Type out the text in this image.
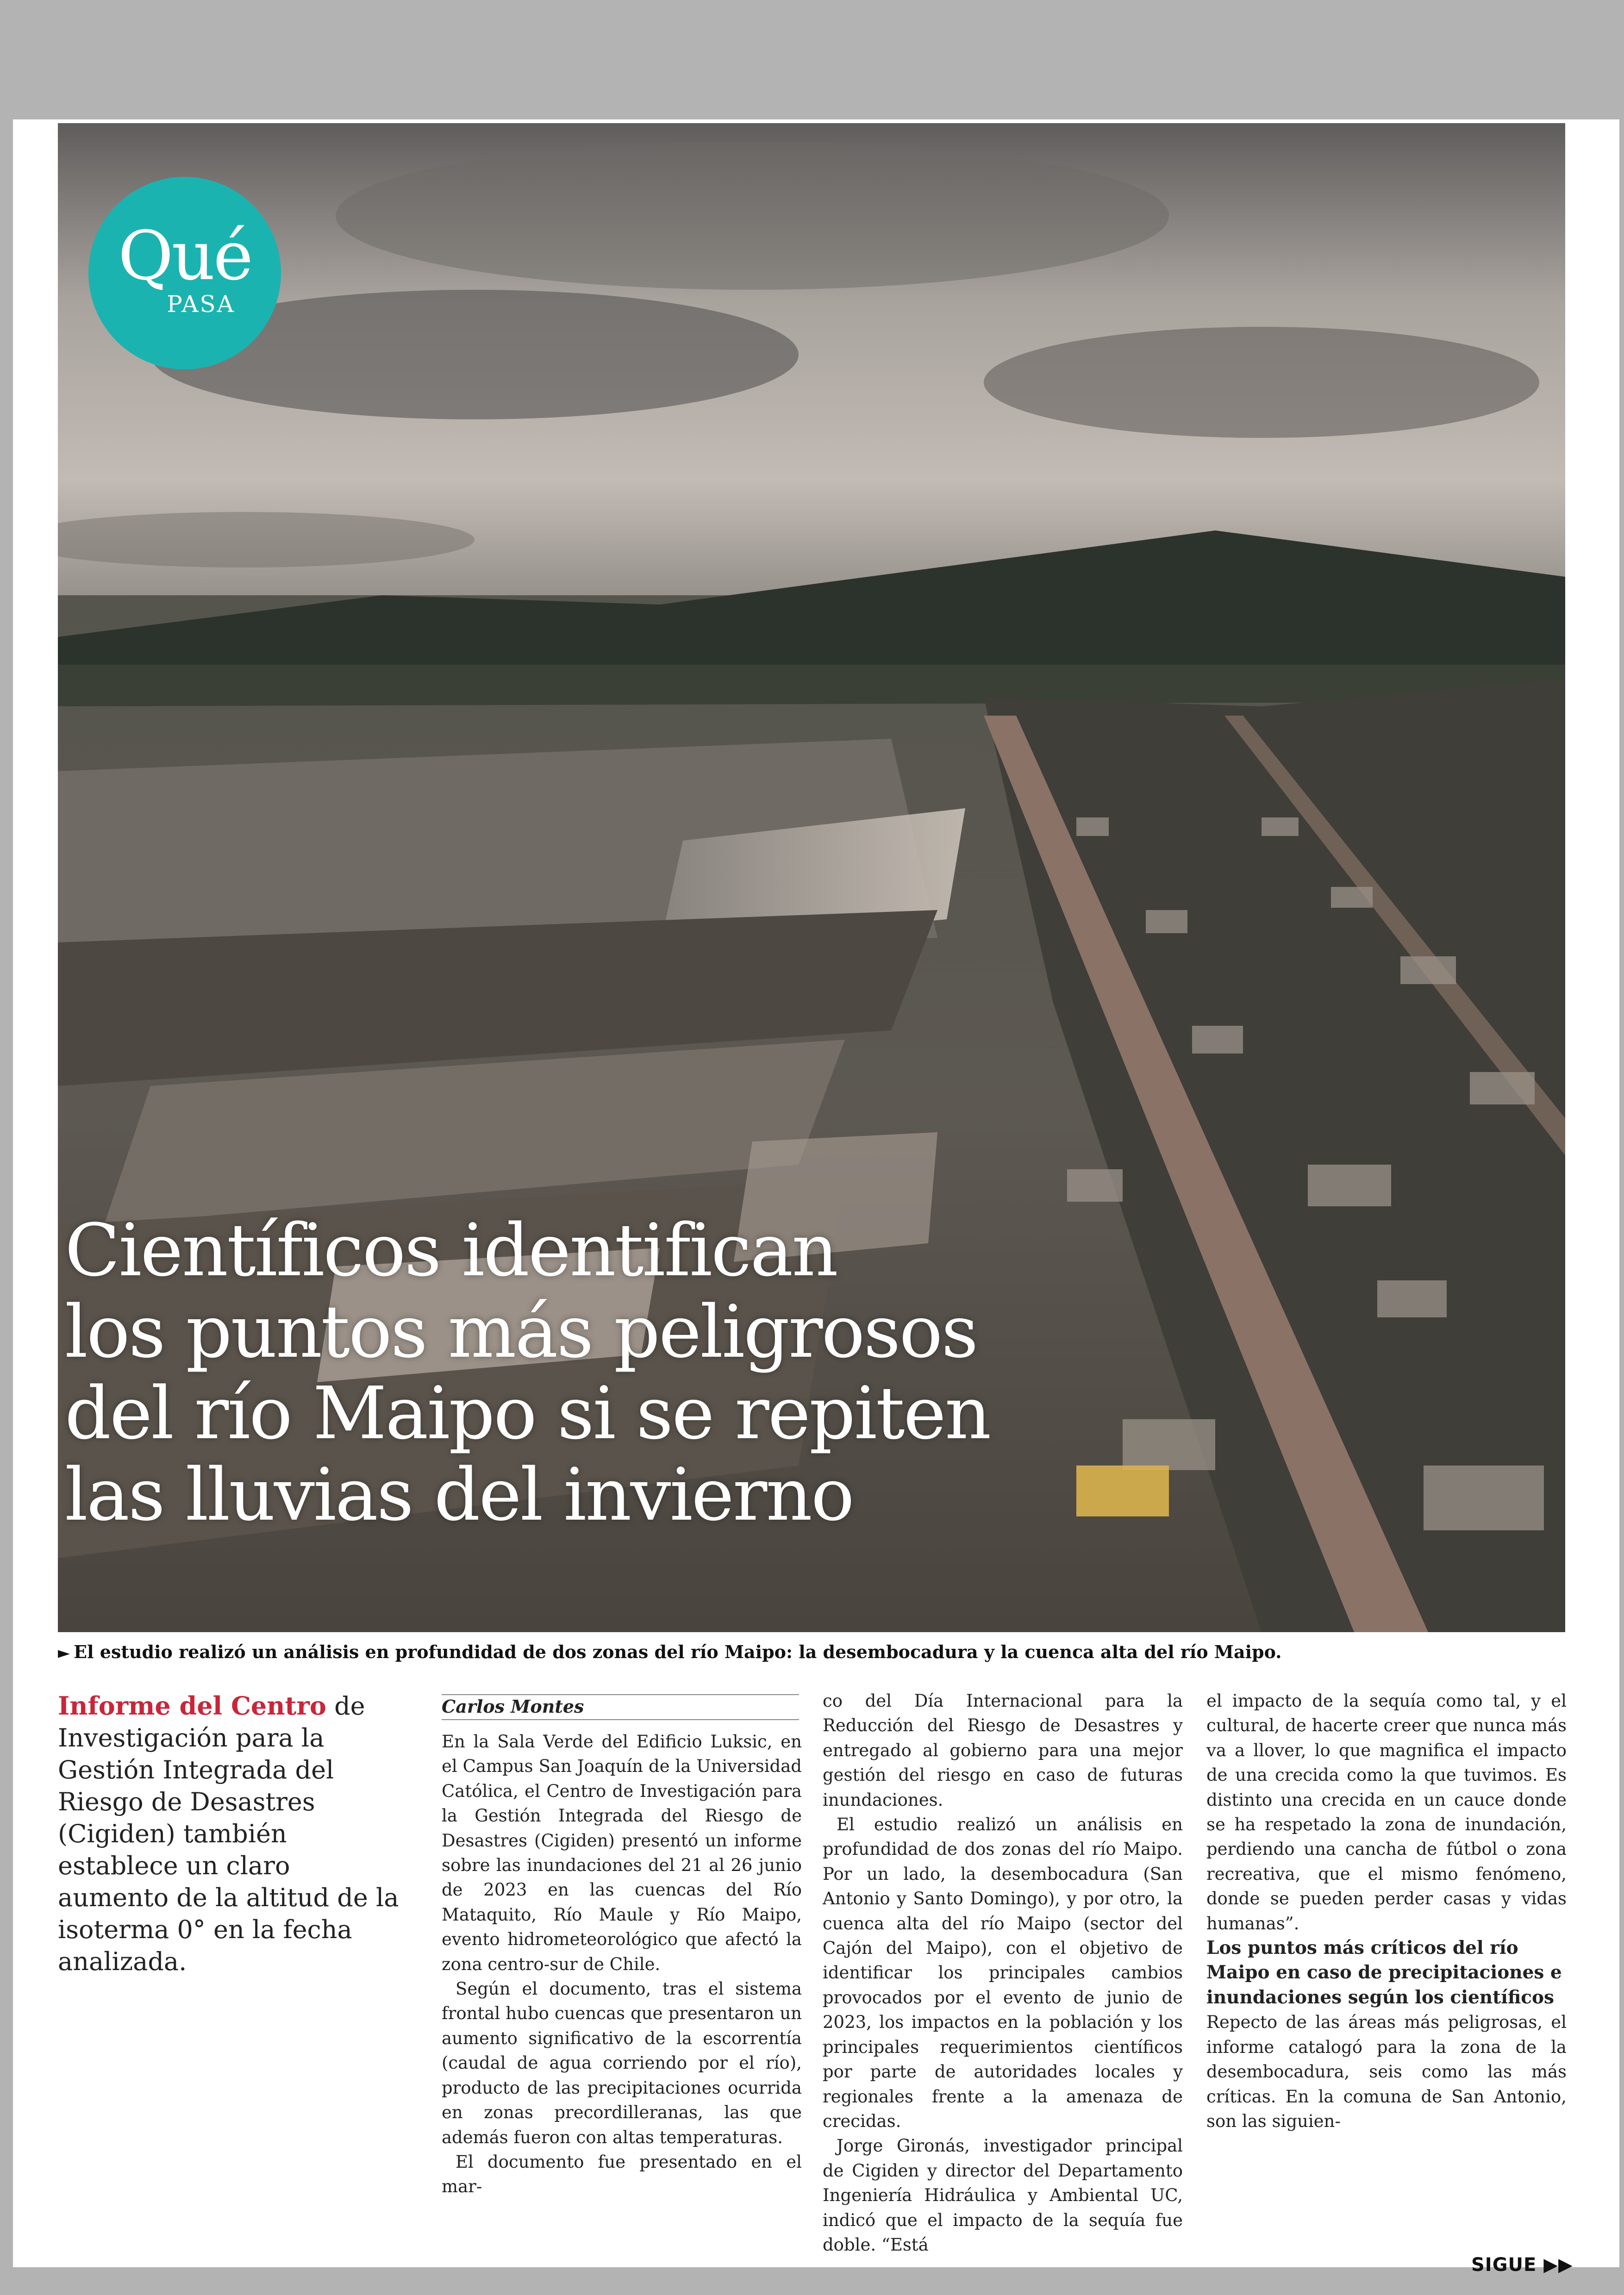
Qué
PASA
Científicos identifican
los puntos más peligrosos
del río Maipo si se repiten
las lluvias del invierno
► El estudio realizó un análisis en profundidad de dos zonas del río Maipo: la desembocadura y la cuenca alta del río Maipo.
Informe del Centro de Investigación para la Gestión Integrada del Riesgo de Desastres (Cigiden) también establece un claro aumento de la altitud de la isoterma 0° en la fecha analizada.
Carlos Montes

En la Sala Verde del Edificio Luksic, en el Campus San Joaquín de la Universidad Católica, el Centro de Investigación para la Gestión Integrada del Riesgo de Desastres (Cigiden) presentó un informe sobre las inundaciones del 21 al 26 junio de 2023 en las cuencas del Río Mataquito, Río Maule y Río Maipo, evento hidrometeorológico que afectó la zona centro-sur de Chile.

Según el documento, tras el sistema frontal hubo cuencas que presentaron un aumento significativo de la escorrentía (caudal de agua corriendo por el río), producto de las precipitaciones ocurrida en zonas precordilleranas, las que además fueron con altas temperaturas.

El documento fue presentado en el mar-

co del Día Internacional para la Reducción del Riesgo de Desastres y entregado al gobierno para una mejor gestión del riesgo en caso de futuras inundaciones.

El estudio realizó un análisis en profundidad de dos zonas del río Maipo. Por un lado, la desembocadura (San Antonio y Santo Domingo), y por otro, la cuenca alta del río Maipo (sector del Cajón del Maipo), con el objetivo de identificar los principales cambios provocados por el evento de junio de 2023, los impactos en la población y los principales requerimientos científicos por parte de autoridades locales y regionales frente a la amenaza de crecidas.

Jorge Gironás, investigador principal de Cigiden y director del Departamento Ingeniería Hidráulica y Ambiental UC, indicó que el impacto de la sequía fue doble. “Está

el impacto de la sequía como tal, y el cultural, de hacerte creer que nunca más va a llover, lo que magnifica el impacto de una crecida como la que tuvimos. Es distinto una crecida en un cauce donde se ha respetado la zona de inundación, perdiendo una cancha de fútbol o zona recreativa, que el mismo fenómeno, donde se pueden perder casas y vidas humanas”.

Los puntos más críticos del río Maipo en caso de precipitaciones e inundaciones según los científicos

Repecto de las áreas más peligrosas, el informe catalogó para la zona de la desembocadura, seis como las más críticas. En la comuna de San Antonio, son las siguien-

SIGUE ▶▶
